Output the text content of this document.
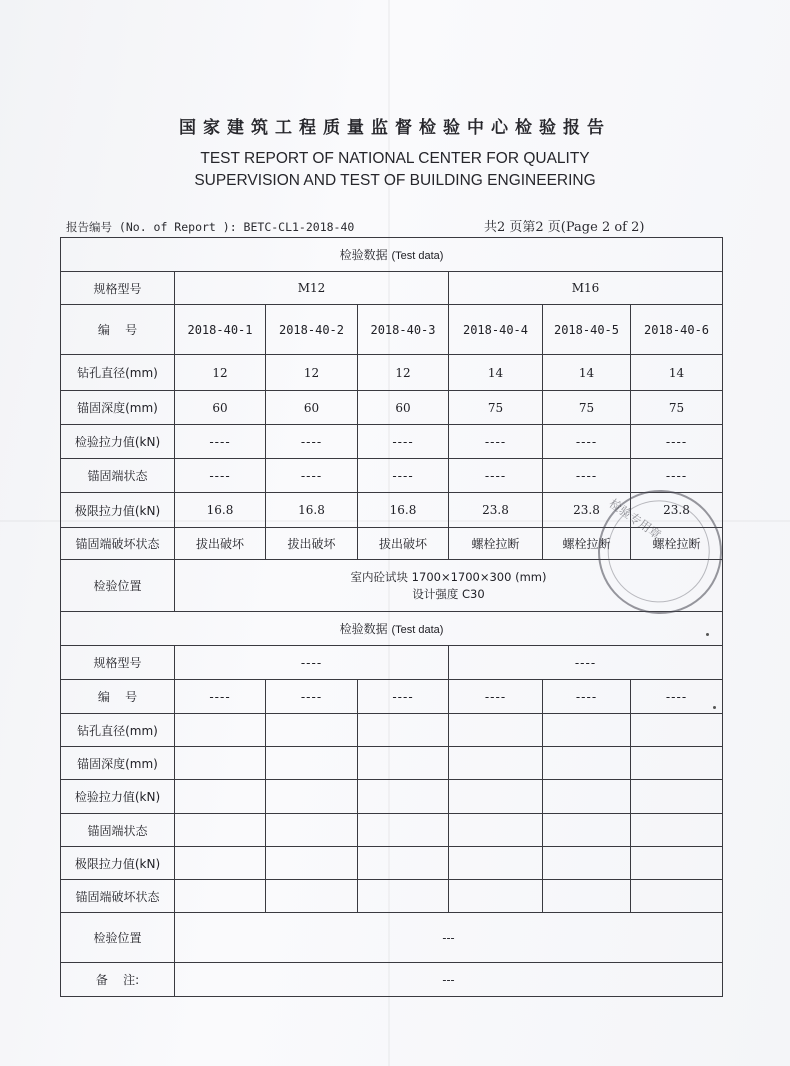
国家建筑工程质量监督检验中心检验报告
TEST REPORT OF NATIONAL CENTER FOR QUALITY
SUPERVISION AND TEST OF BUILDING ENGINEERING
报告编号 (No. of Report ): BETC-CL1-2018-40	共2 页第2 页(Page 2 of 2)
检验数据 (Test data)						
规格型号	M12			M16		
编    号	2018-40-1	2018-40-2	2018-40-3	2018-40-4	2018-40-5	2018-40-6
钻孔直径(mm)	12	12	12	14	14	14
锚固深度(mm)	60	60	60	75	75	75
检验拉力值(kN)	----	----	----	----	----	----
锚固端状态	----	----	----	----	----	----
极限拉力值(kN)	16.8	16.8	16.8	23.8	23.8	23.8
锚固端破坏状态	拔出破坏	拔出破坏	拔出破坏	螺栓拉断	螺栓拉断	螺栓拉断
检验位置	室内砼试块 1700×1700×300 (mm)
设计强度 C30					

检验数据 (Test data)						
规格型号	----			----		
编    号	----	----	----	----	----	----
钻孔直径(mm)						
锚固深度(mm)						
检验拉力值(kN)						
锚固端状态						
极限拉力值(kN)						
锚固端破坏状态						
检验位置	---					
备    注:	---					
检验专用章
